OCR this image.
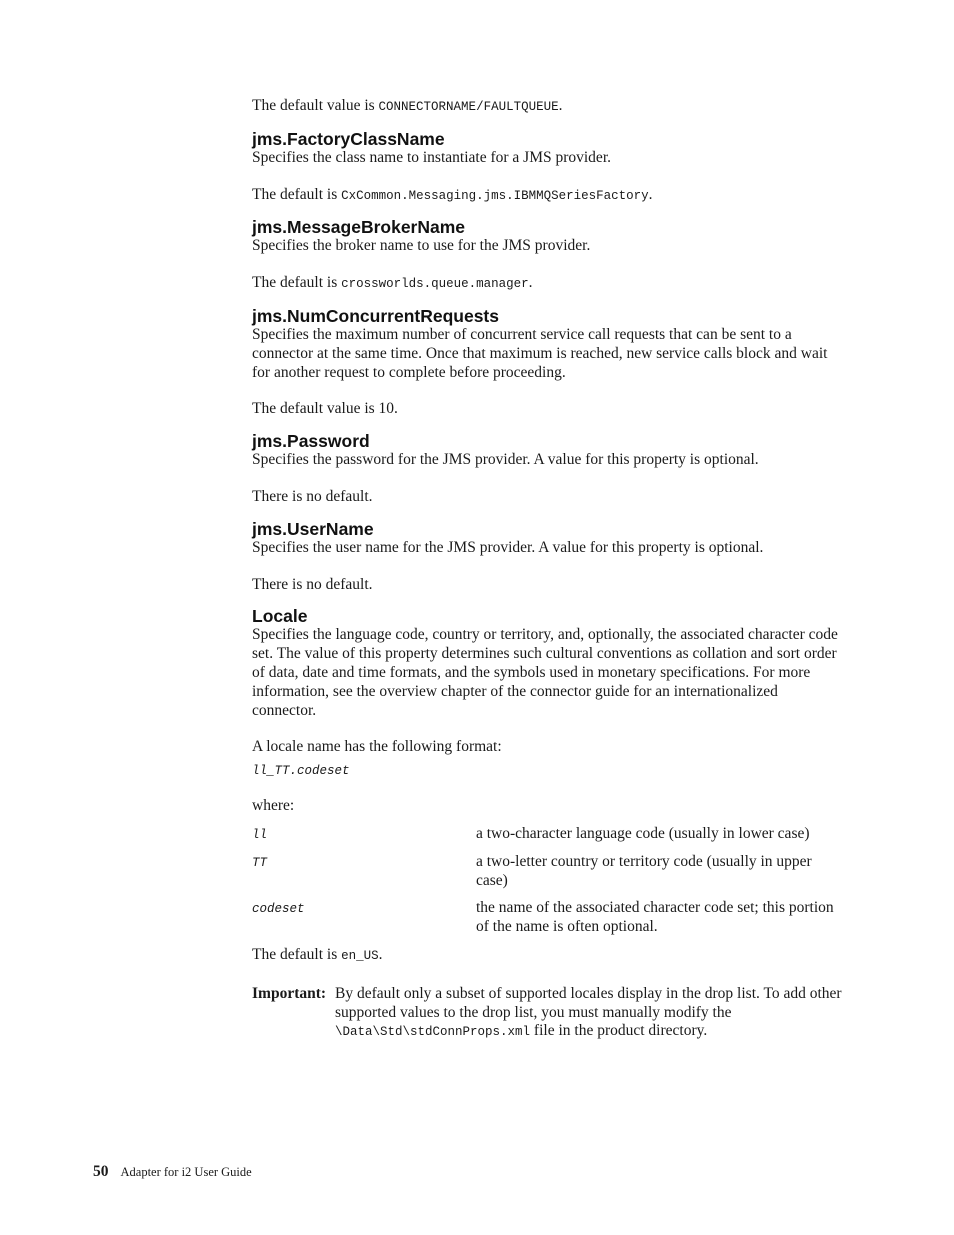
The default value is CONNECTORNAME/FAULTQUEUE.

jms.FactoryClassName

Specifies the class name to instantiate for a JMS provider.

The default is CxCommon.Messaging.jms.IBMMQSeriesFactory.

jms.MessageBrokerName

Specifies the broker name to use for the JMS provider.

The default is crossworlds.queue.manager.

jms.NumConcurrentRequests

Specifies the maximum number of concurrent service call requests that can be sent to a connector at the same time. Once that maximum is reached, new service calls block and wait for another request to complete before proceeding.

The default value is 10.

jms.Password

Specifies the password for the JMS provider. A value for this property is optional.

There is no default.

jms.UserName

Specifies the user name for the JMS provider. A value for this property is optional.

There is no default.

Locale

Specifies the language code, country or territory, and, optionally, the associated character code set. The value of this property determines such cultural conventions as collation and sort order of data, date and time formats, and the symbols used in monetary specifications. For more information, see the overview chapter of the connector guide for an internationalized connector.

A locale name has the following format:

ll_TT.codeset

where:

ll	a two-character language code (usually in lower case)

TT	a two-letter country or territory code (usually in upper case)

codeset	the name of the associated character code set; this portion of the name is often optional.

The default is en_US.

Important: By default only a subset of supported locales display in the drop list. To add other supported values to the drop list, you must manually modify the \Data\Std\stdConnProps.xml file in the product directory.

50 Adapter for i2 User Guide
